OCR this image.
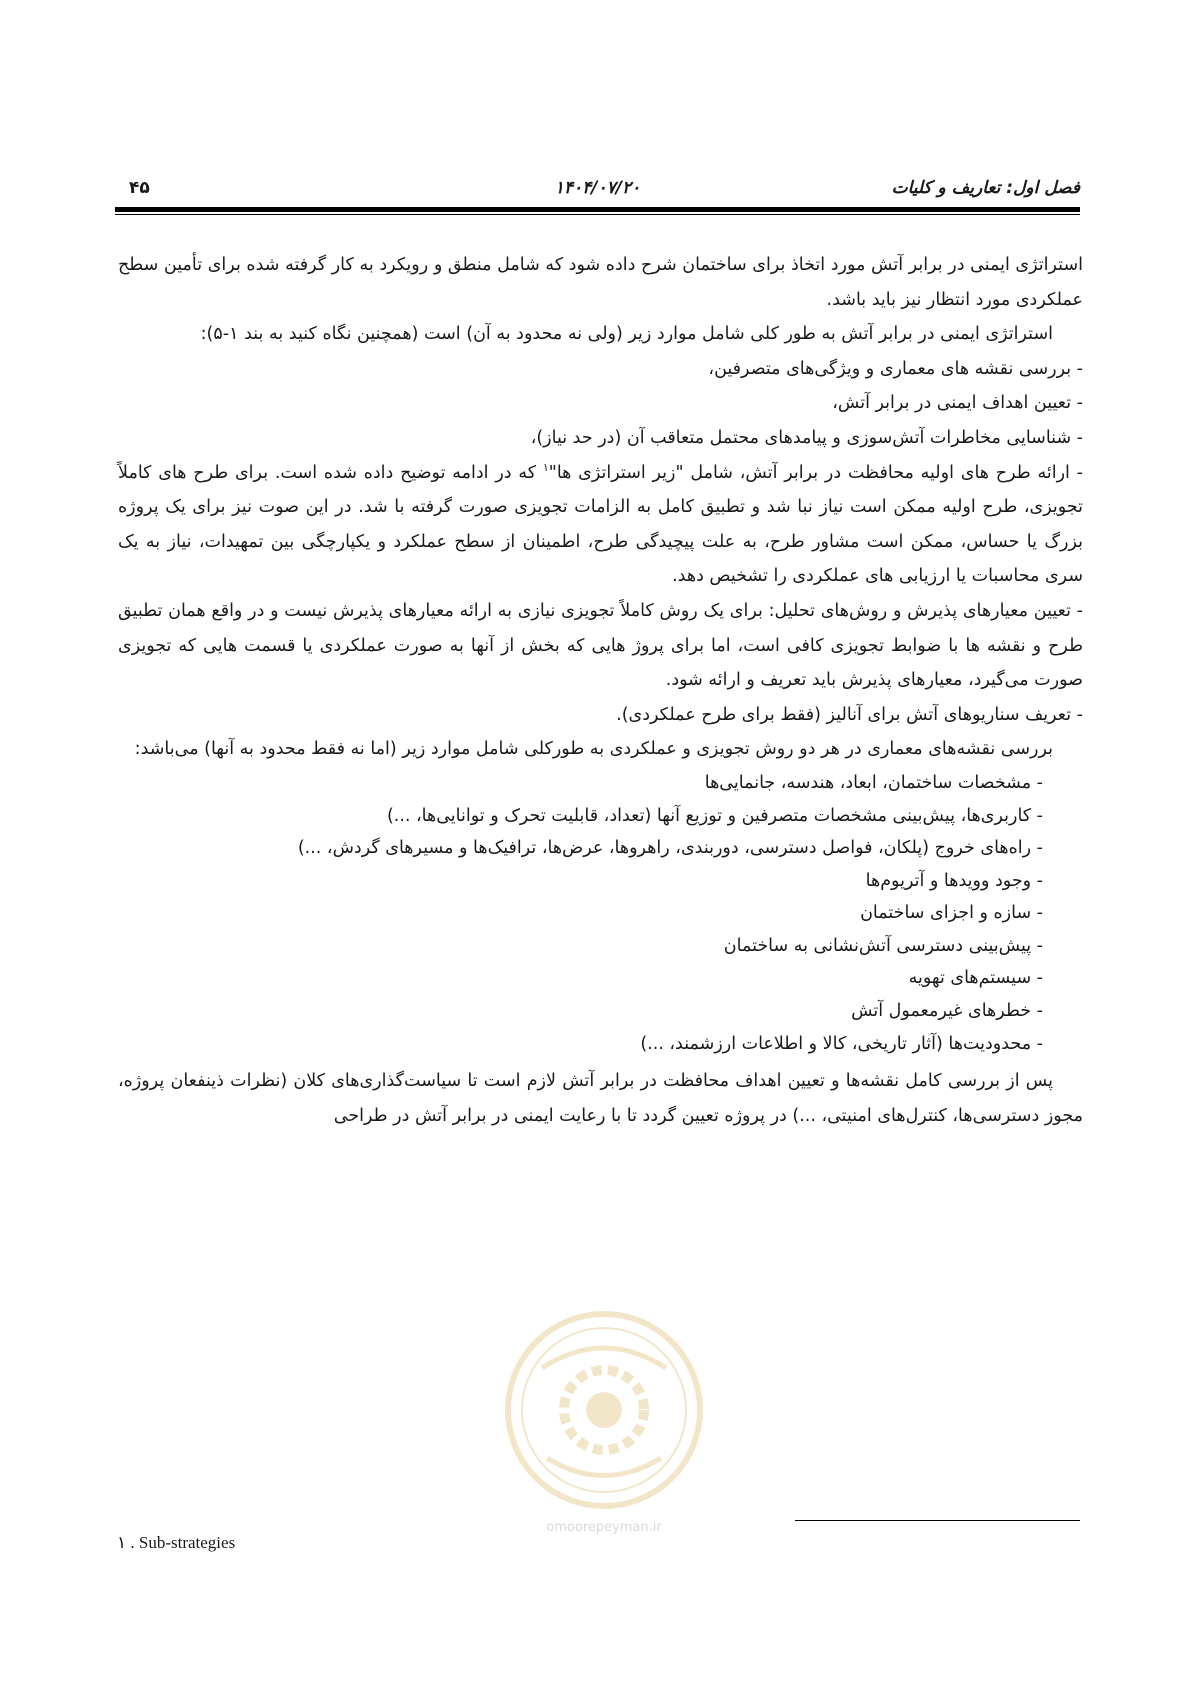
فصل اول: تعاریف و کلیات
۱۴۰۴/۰۷/۲۰
۴۵

استراتژی ایمنی در برابر آتش مورد اتخاذ برای ساختمان شرح داده شود که شامل منطق و رویکرد به کار گرفته شده برای تأمین سطح عملکردی مورد انتظار نیز باید باشد.

استراتژی ایمنی در برابر آتش به طور کلی شامل موارد زیر (ولی نه محدود به آن) است (همچنین نگاه کنید به بند ۱-۵):

- بررسی نقشه های معماری و ویژگی‌های متصرفین،

- تعیین اهداف ایمنی در برابر آتش،

- شناسایی مخاطرات آتش‌سوزی و پیامدهای محتمل متعاقب آن (در حد نیاز)،

- ارائه طرح های اولیه محافظت در برابر آتش، شامل "زیر استراتژی ها"$^۱$ که در ادامه توضیح داده شده است. برای طرح های کاملاً تجویزی، طرح اولیه ممکن است نیاز نبا شد و تطبیق کامل به الزامات تجویزی صورت گرفته با شد. در این صوت نیز برای یک پروژه بزرگ یا حساس، ممکن است مشاور طرح، به علت پیچیدگی طرح، اطمینان از سطح عملکرد و یکپارچگی بین تمهیدات، نیاز به یک سری محاسبات یا ارزیابی های عملکردی را تشخیص دهد.

- تعیین معیارهای پذیرش و روش‌های تحلیل: برای یک روش کاملاً تجویزی نیازی به ارائه معیارهای پذیرش نیست و در واقع همان تطبیق طرح و نقشه ها با ضوابط تجویزی کافی است، اما برای پروژ هایی که بخش از آنها به صورت عملکردی یا قسمت هایی که تجویزی صورت می‌گیرد، معیارهای پذیرش باید تعریف و ارائه شود.

- تعریف سناریوهای آتش برای آنالیز (فقط برای طرح عملکردی).

بررسی نقشه‌های معماری در هر دو روش تجویزی و عملکردی به طورکلی شامل موارد زیر (اما نه فقط محدود به آنها) می‌باشد:

- مشخصات ساختمان، ابعاد، هندسه، جانمایی‌ها
- کاربری‌ها، پیش‌بینی مشخصات متصرفین و توزیع آنها (تعداد، قابلیت تحرک و توانایی‌ها، ...)
- راه‌های خروج (پلکان، فواصل دسترسی، دوربندی، راهروها، عرض‌ها، ترافیک‌ها و مسیرهای گردش، ...)
- وجود وویدها و آتریوم‌ها
- سازه و اجزای ساختمان
- پیش‌بینی دسترسی آتش‌نشانی به ساختمان
- سیستم‌های تهویه
- خطرهای غیرمعمول آتش
- محدودیت‌ها (آثار تاریخی، کالا و اطلاعات ارزشمند، ...)

پس از بررسی کامل نقشه‌ها و تعیین اهداف محافظت در برابر آتش لازم است تا سیاست‌گذاری‌های کلان (نظرات ذینفعان پروژه، مجوز دسترسی‌ها، کنترل‌های امنیتی، ...) در پروژه تعیین گردد تا با رعایت ایمنی در برابر آتش در طراحی

omoorepeyman.ir
۱ . Sub-strategies
